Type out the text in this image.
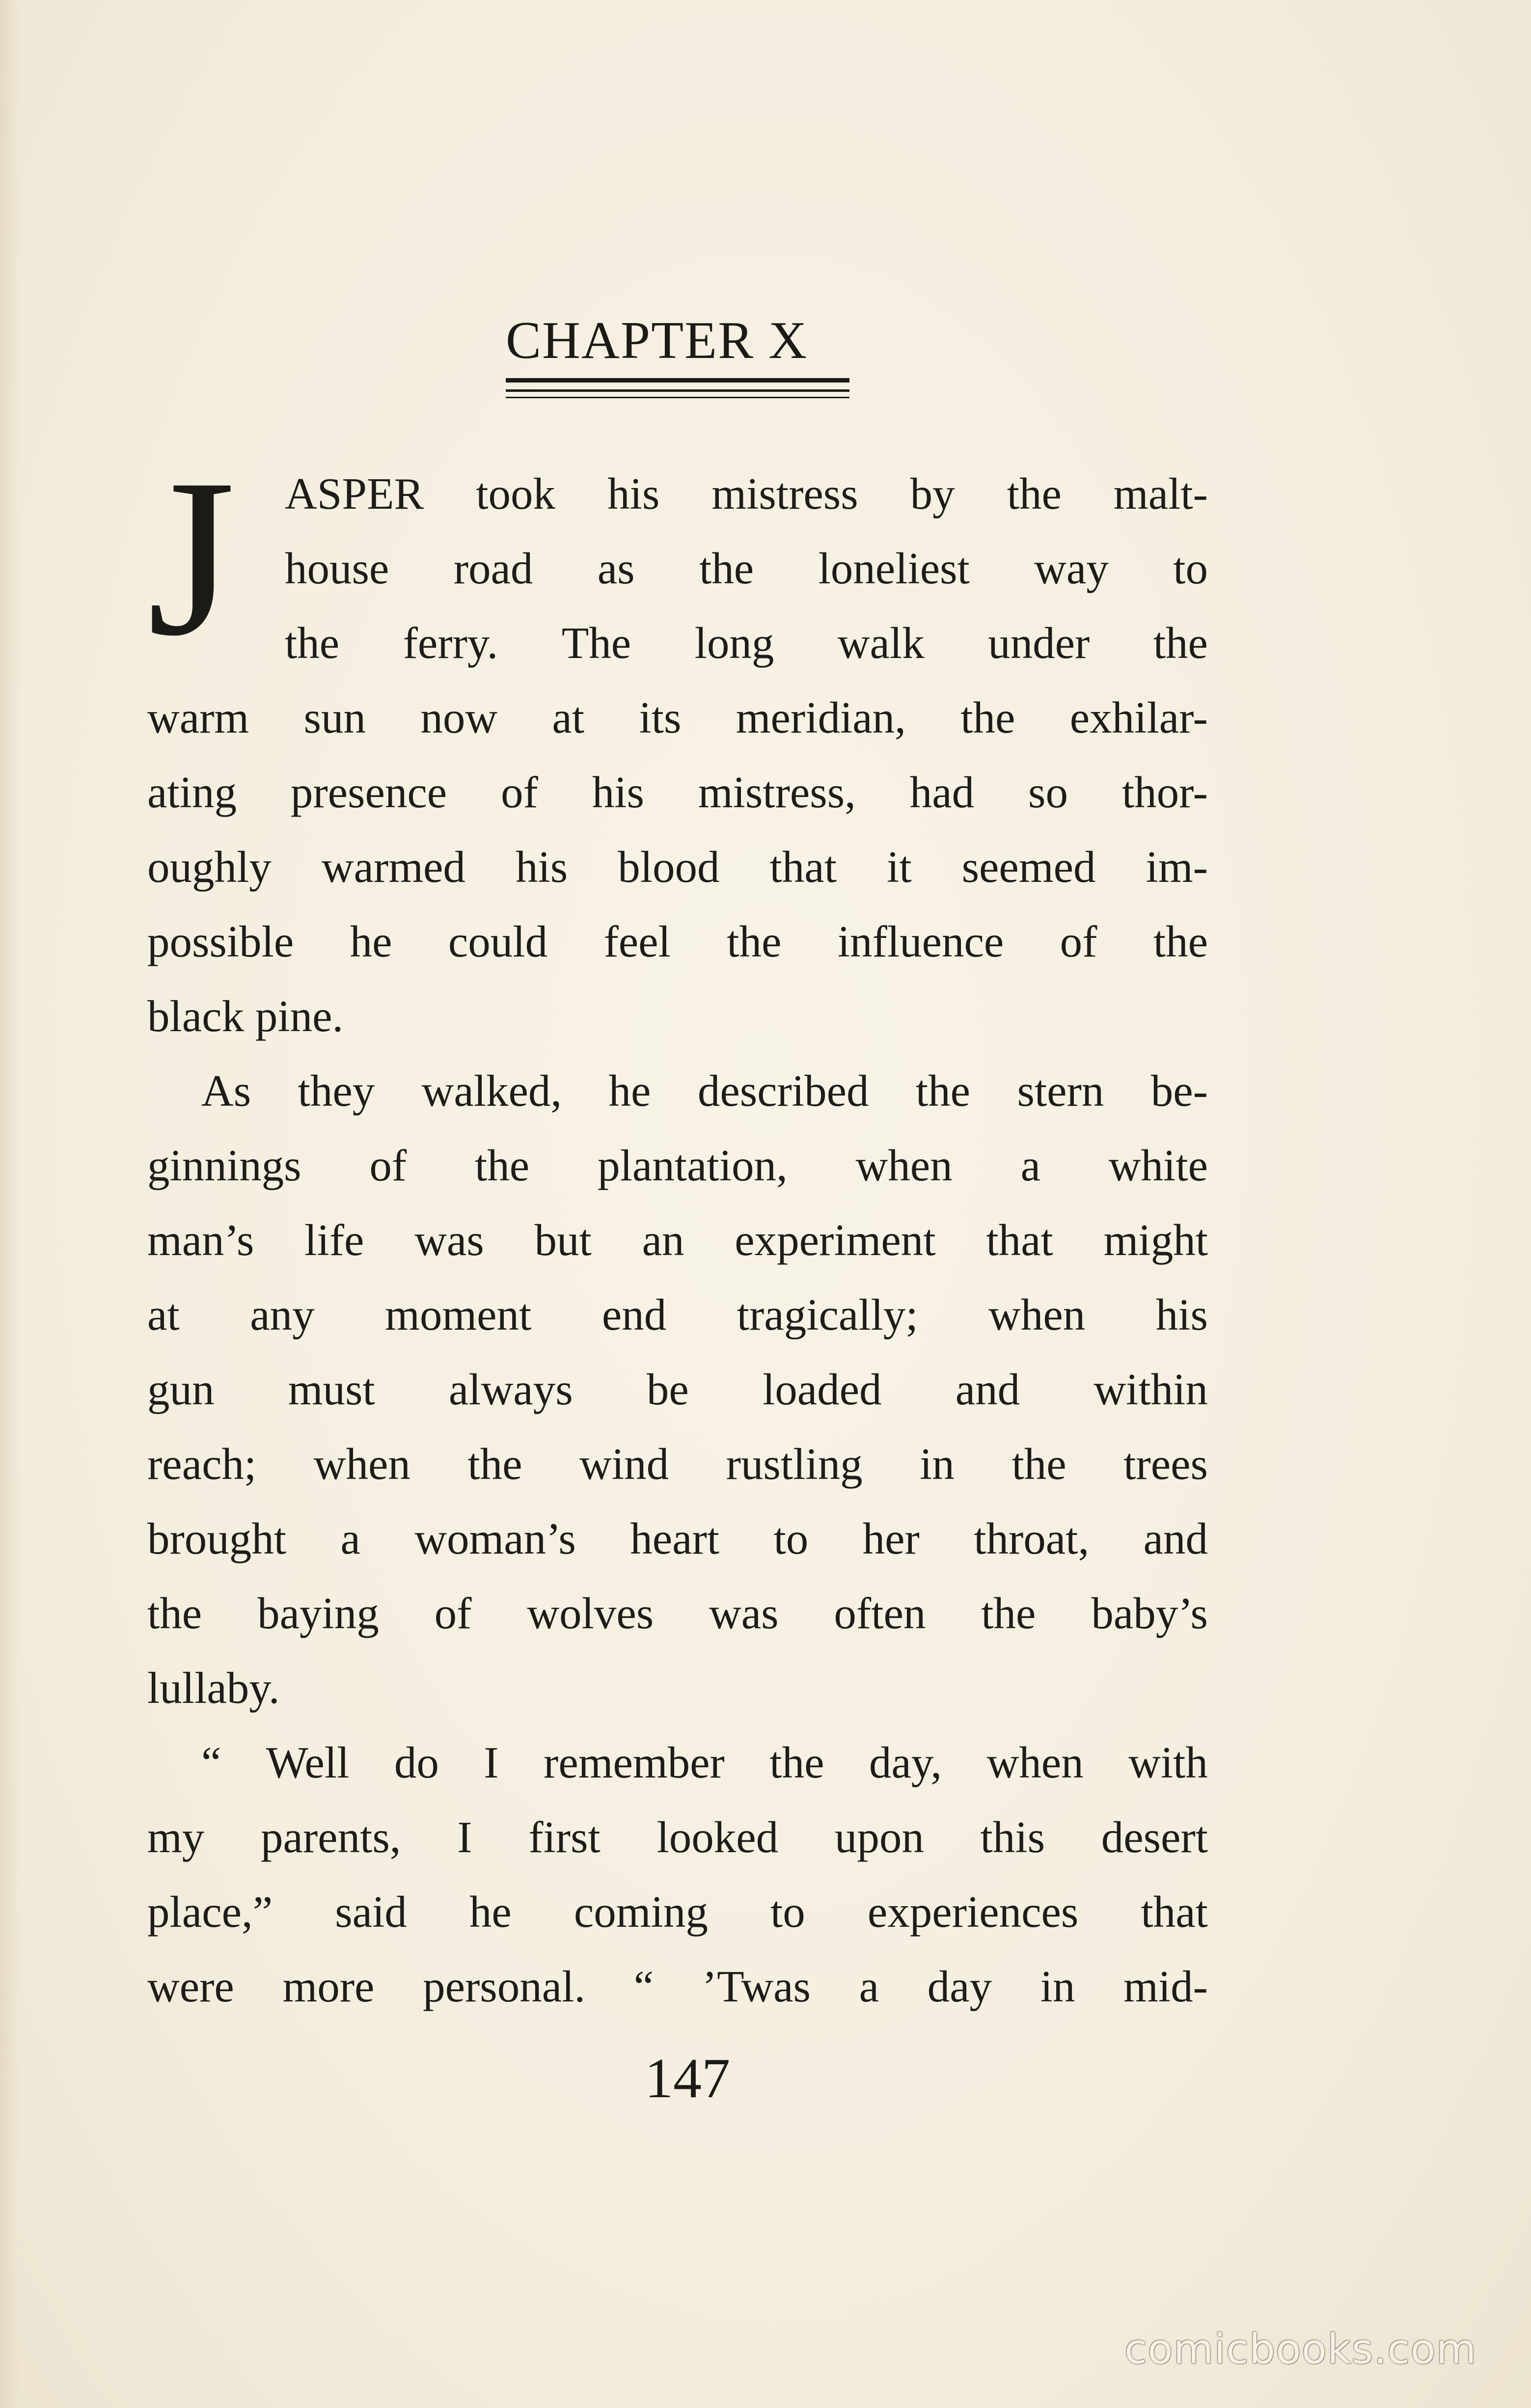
CHAPTER X
J ASPER took his mistress by the malt-
house road as the loneliest way to
the ferry. The long walk under the
warm sun now at its meridian, the exhilar-
ating presence of his mistress, had so thor-
oughly warmed his blood that it seemed im-
possible he could feel the influence of the
black pine.
As they walked, he described the stern be-
ginnings of the plantation, when a white
man’s life was but an experiment that might
at any moment end tragically; when his
gun must always be loaded and within
reach; when the wind rustling in the trees
brought a woman’s heart to her throat, and
the baying of wolves was often the baby’s
lullaby.
“ Well do I remember the day, when with
my parents, I first looked upon this desert
place,” said he coming to experiences that
were more personal. “ ’Twas a day in mid-
147
comicbooks.com
